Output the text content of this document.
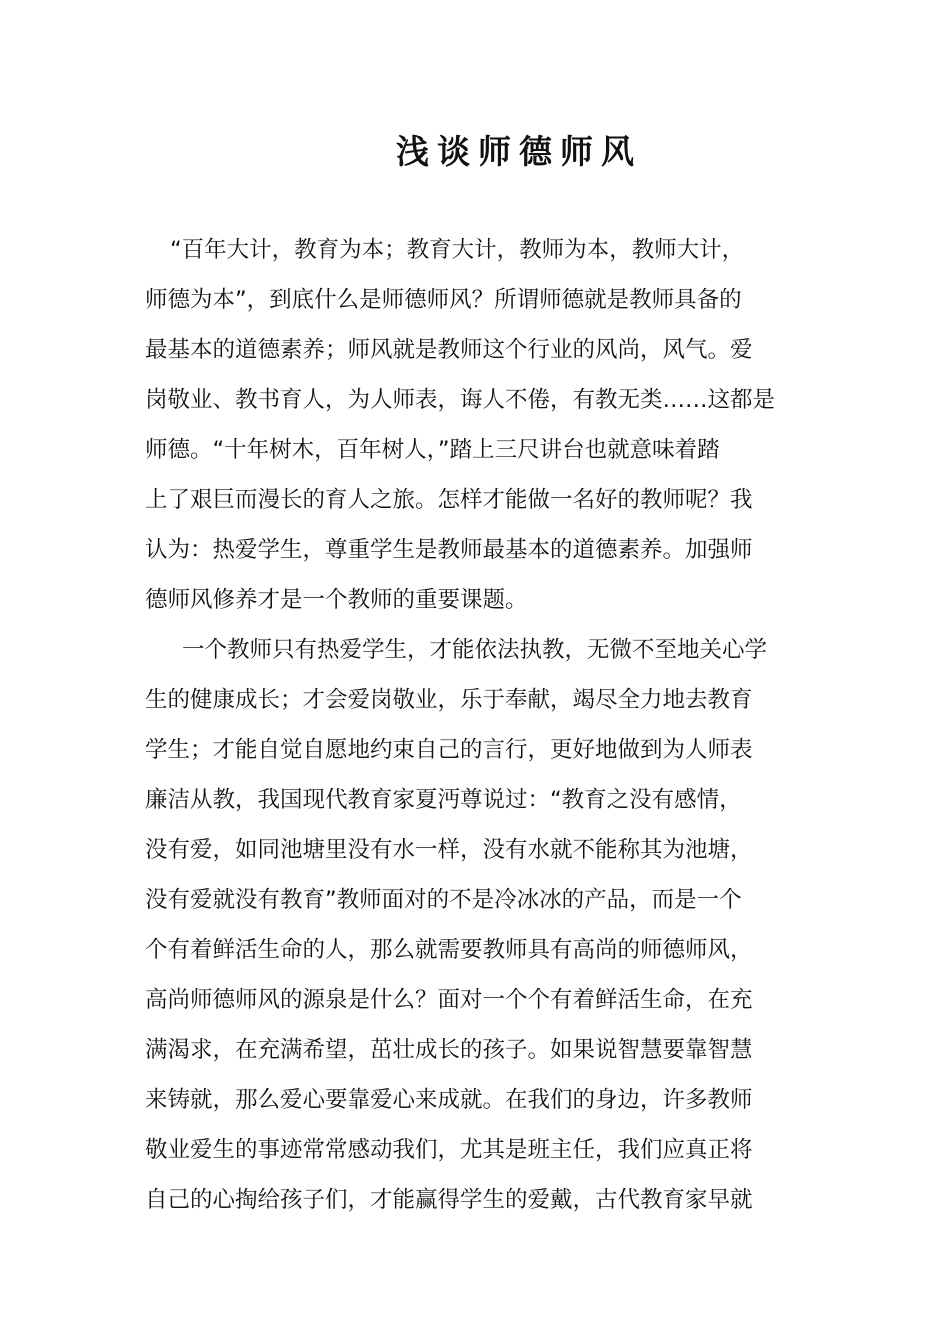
浅谈师德师风
“百年大计，教育为本；教育大计，教师为本，教师大计，
师德为本”，到底什么是师德师风？所谓师德就是教师具备的
最基本的道德素养；师风就是教师这个行业的风尚，风气。爱
岗敬业、教书育人，为人师表，诲人不倦，有教无类……这都是
师德。“十年树木，百年树人，”踏上三尺讲台也就意味着踏
上了艰巨而漫长的育人之旅。怎样才能做一名好的教师呢？我
认为：热爱学生，尊重学生是教师最基本的道德素养。加强师
德师风修养才是一个教师的重要课题。
一个教师只有热爱学生，才能依法执教，无微不至地关心学
生的健康成长；才会爱岗敬业，乐于奉献，竭尽全力地去教育
学生；才能自觉自愿地约束自己的言行，更好地做到为人师表
廉洁从教，我国现代教育家夏沔尊说过：“教育之没有感情，
没有爱，如同池塘里没有水一样，没有水就不能称其为池塘，
没有爱就没有教育”教师面对的不是冷冰冰的产品，而是一个
个有着鲜活生命的人，那么就需要教师具有高尚的师德师风，
高尚师德师风的源泉是什么？面对一个个有着鲜活生命，在充
满渴求，在充满希望，茁壮成长的孩子。如果说智慧要靠智慧
来铸就，那么爱心要靠爱心来成就。在我们的身边，许多教师
敬业爱生的事迹常常感动我们，尤其是班主任，我们应真正将
自己的心掏给孩子们，才能赢得学生的爱戴，古代教育家早就
